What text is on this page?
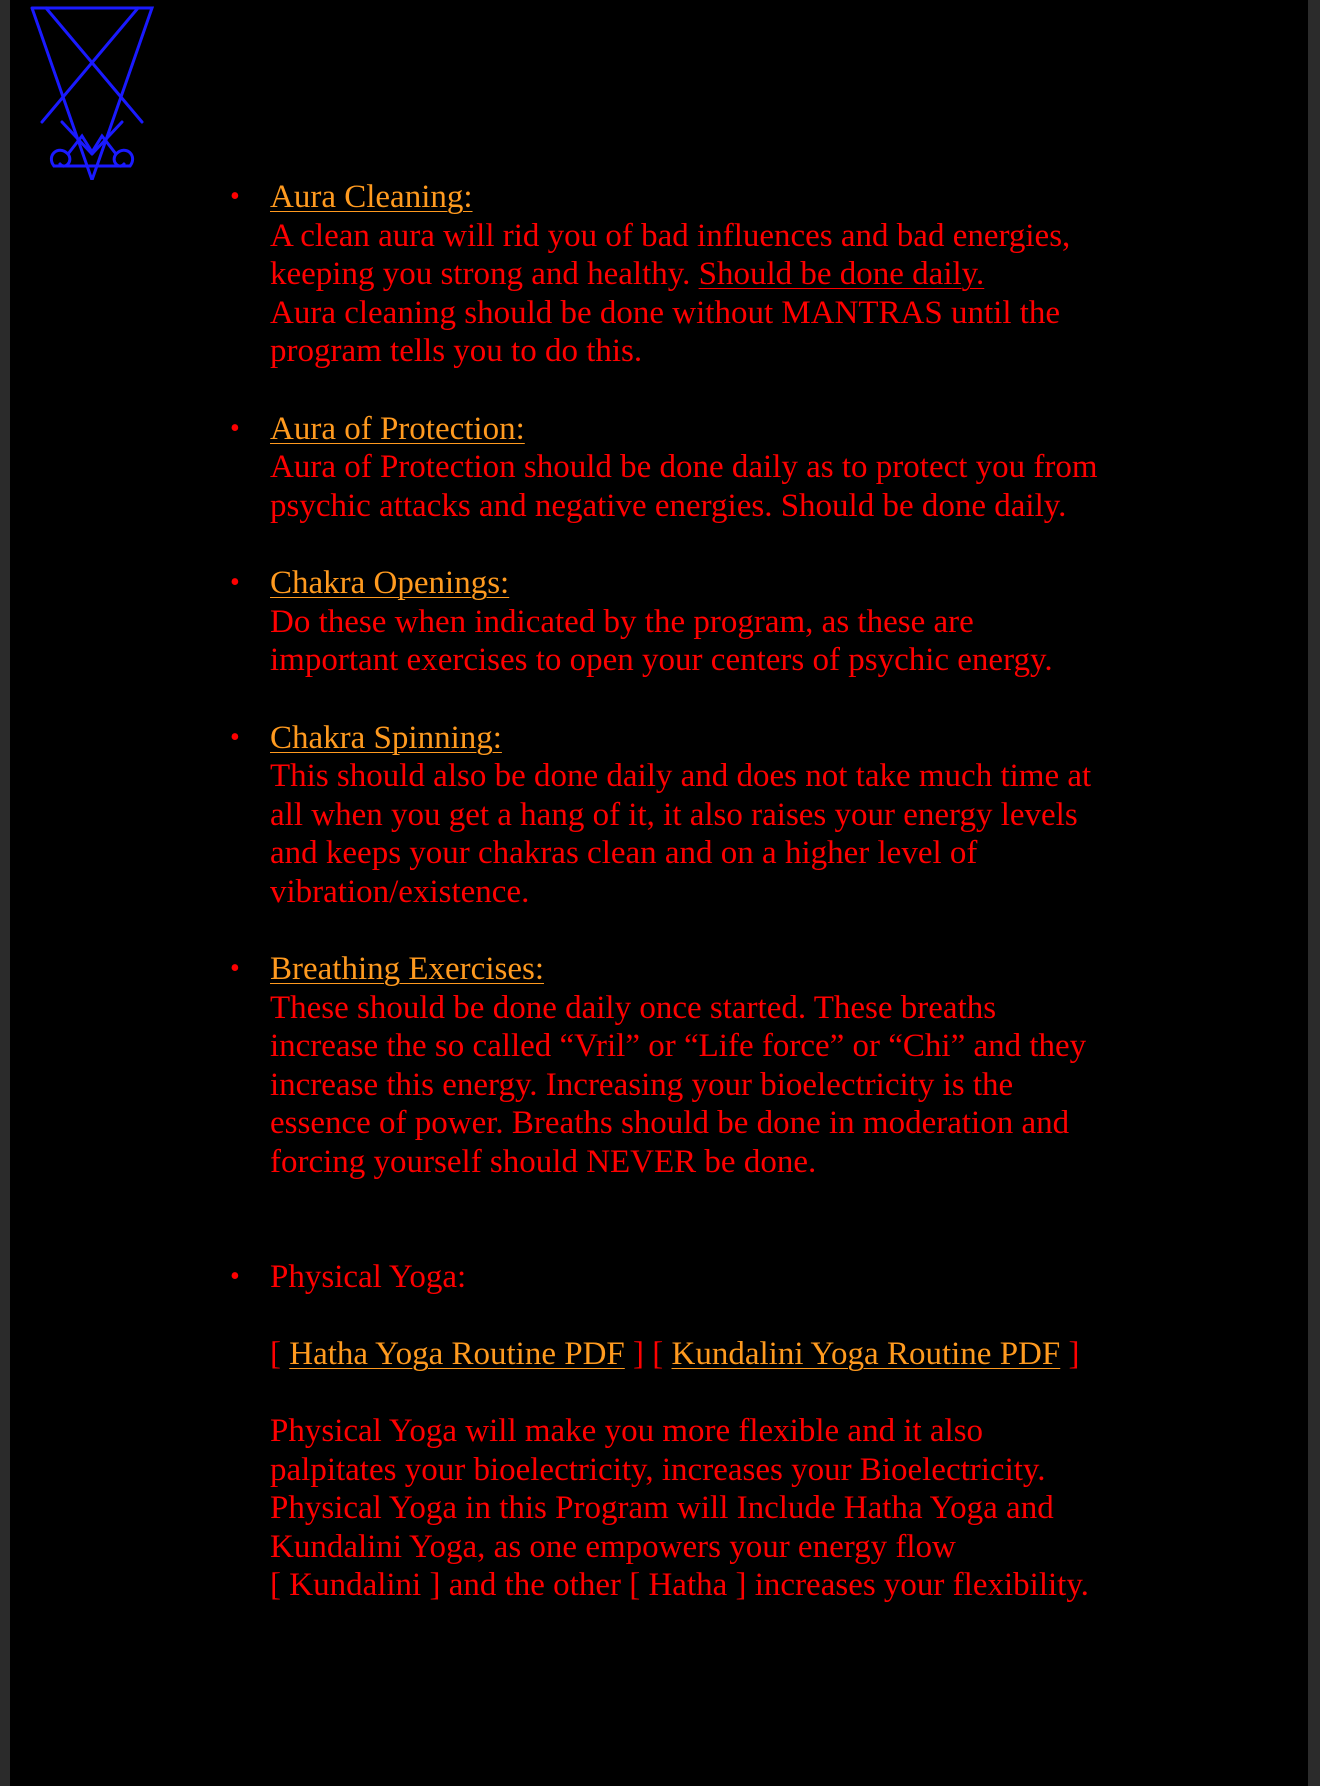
• Aura Cleaning:
A clean aura will rid you of bad influences and bad energies,
keeping you strong and healthy. Should be done daily.
Aura cleaning should be done without MANTRAS until the
program tells you to do this.
• Aura of Protection:
Aura of Protection should be done daily as to protect you from
psychic attacks and negative energies. Should be done daily.
• Chakra Openings:
Do these when indicated by the program, as these are
important exercises to open your centers of psychic energy.
• Chakra Spinning:
This should also be done daily and does not take much time at
all when you get a hang of it, it also raises your energy levels
and keeps your chakras clean and on a higher level of
vibration/existence.
• Breathing Exercises:
These should be done daily once started. These breaths
increase the so called “Vril” or “Life force” or “Chi” and they
increase this energy. Increasing your bioelectricity is the
essence of power. Breaths should be done in moderation and
forcing yourself should NEVER be done.
• Physical Yoga:

[ Hatha Yoga Routine PDF ] [ Kundalini Yoga Routine PDF ]

Physical Yoga will make you more flexible and it also
palpitates your bioelectricity, increases your Bioelectricity.
Physical Yoga in this Program will Include Hatha Yoga and
Kundalini Yoga, as one empowers your energy flow
[ Kundalini ] and the other [ Hatha ] increases your flexibility.
